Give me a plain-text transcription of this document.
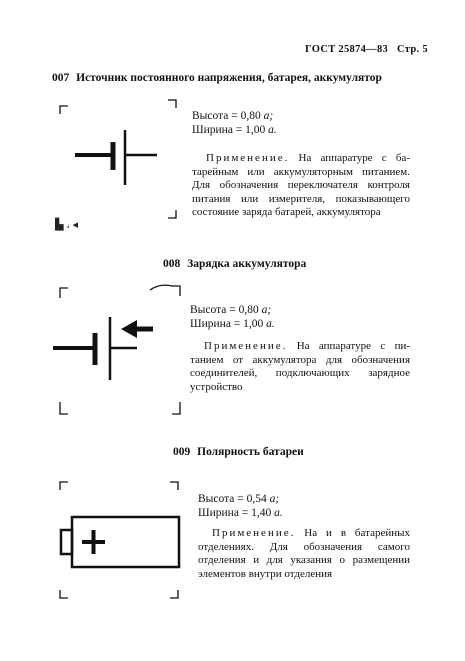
ГОСТ 25874—83 Стр. 5
007 Источник постоянного напряжения, батарея, аккумулятор
▙ ، ◂
Высота = 0,80 a;
Ширина = 1,00 a.
Применение. На аппаратуре с ба- тарейным или аккумуляторным питанием. Для обозначения переключателя контроля питания или измерителя, показывающего состояние заряда батарей, аккумулятора
008 Зарядка аккумулятора
Высота = 0,80 a;
Ширина = 1,00 a.
Применение. На аппаратуре с пи- танием от аккумулятора для обозначения соединителей, подключающих зарядное устройство
009 Полярность батареи
Высота = 0,54 a;
Ширина = 1,40 a.
Применение. На и в батарейных отделениях. Для обозначения самого отделения и для указания о размещении элементов внутри отделения
